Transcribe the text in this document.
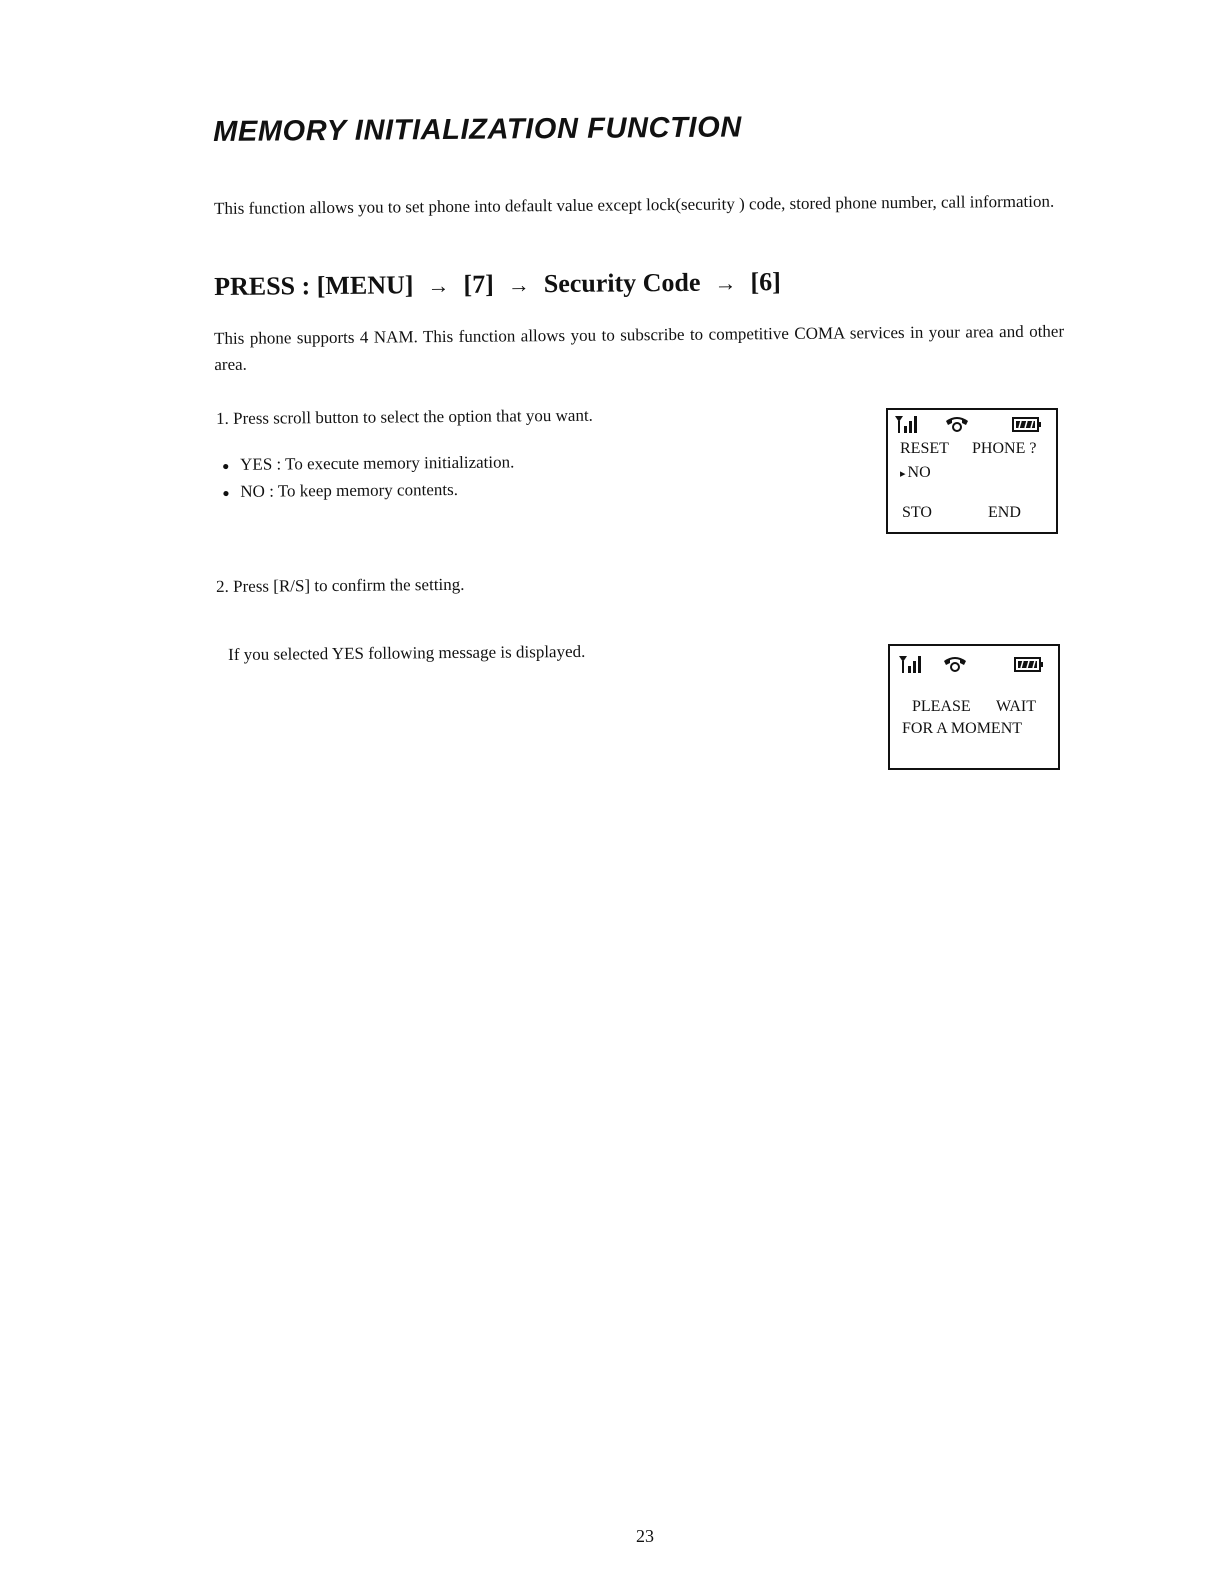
MEMORY INITIALIZATION FUNCTION
This function allows you to set phone into default value except lock(security ) code, stored phone number, call information.
PRESS : [MENU] → [7] → Security Code → [6]
This phone supports 4 NAM. This function allows you to subscribe to competitive COMA services in your area and other area.
1. Press scroll button to select the option that you want.
● YES : To execute memory initialization.
● NO : To keep memory contents.
2. Press [R/S] to confirm the setting.
If you selected YES following message is displayed.
RESET PHONE ?
▸ NO
STO	END
PLEASE WAIT
FOR A MOMENT
23
